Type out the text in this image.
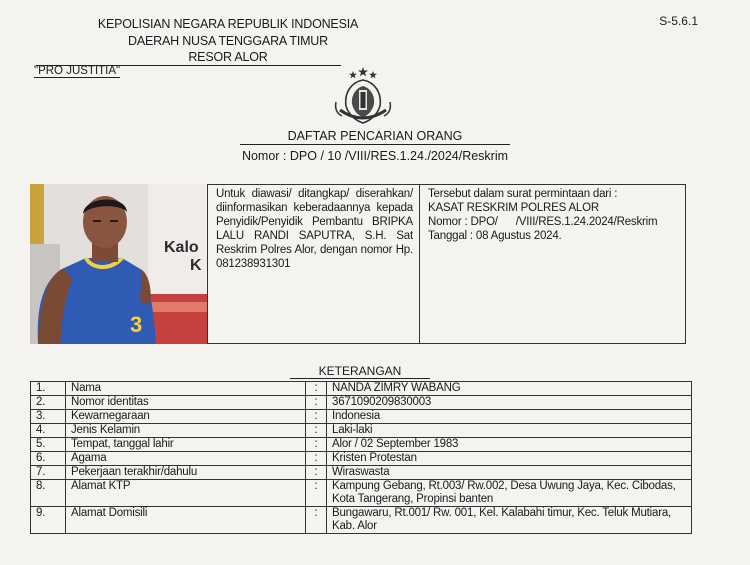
KEPOLISIAN NEGARA REPUBLIK INDONESIA
DAERAH NUSA TENGGARA TIMUR
RESOR ALOR
S-5.6.1
"PRO JUSTITIA"
DAFTAR PENCARIAN ORANG
Nomor : DPO / 10 /VIII/RES.1.24./2024/Reskrim
3
Kalo
K
Untuk diawasi/ ditangkap/ diserahkan/ diinformasikan keberadaannya kepada Penyidik/Penyidik Pembantu BRIPKA LALU RANDI SAPUTRA, S.H. Sat Reskrim Polres Alor, dengan nomor Hp. 081238931301
Tersebut dalam surat permintaan dari :
KASAT RESKRIM POLRES ALOR
Nomor : DPO/      /VIII/RES.1.24.2024/Reskrim
Tanggal : 08 Agustus 2024.
KETERANGAN
1.	Nama	:	NANDA ZIMRY WABANG
2.	Nomor identitas	:	3671090209830003
3.	Kewarnegaraan	:	Indonesia
4.	Jenis Kelamin	:	Laki-laki
5.	Tempat, tanggal lahir	:	Alor / 02 September 1983
6.	Agama	:	Kristen Protestan
7.	Pekerjaan terakhir/dahulu	:	Wiraswasta
8.	Alamat KTP	:	Kampung Gebang, Rt.003/ Rw.002, Desa Uwung Jaya, Kec. Cibodas, Kota Tangerang, Propinsi banten
9.	Alamat Domisili	:	Bungawaru, Rt.001/ Rw. 001, Kel. Kalabahi timur, Kec. Teluk Mutiara, Kab. Alor
